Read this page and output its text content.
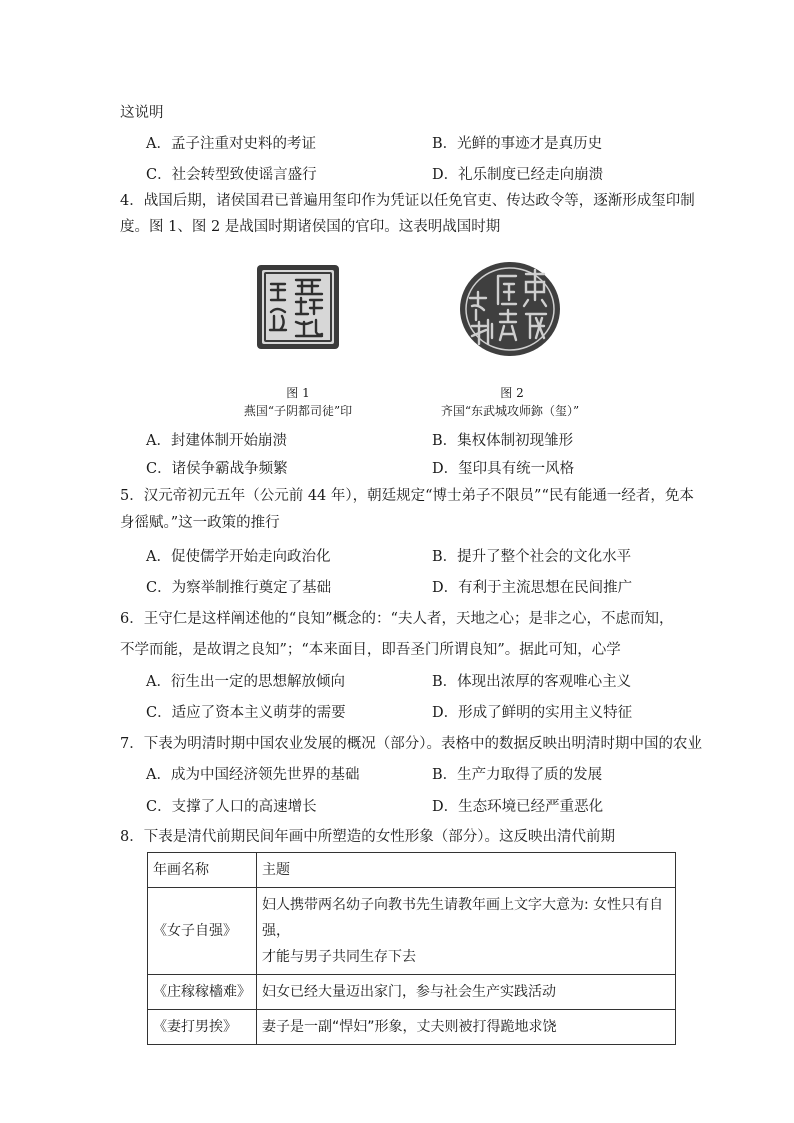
这说明
A．孟子注重对史料的考证	B．光鲜的事迹才是真历史
C．社会转型致使谣言盛行	D．礼乐制度已经走向崩溃
4．战国后期，诸侯国君已普遍用玺印作为凭证以任免官吏、传达政令等，逐渐形成玺印制
度。图 1、图 2 是战国时期诸侯国的官印。这表明战国时期
图 1
燕国“子阴都司徒”印
图 2
齐国“东武城攻师鉨（玺）”
A．封建体制开始崩溃	B．集权体制初现雏形
C．诸侯争霸战争频繁	D．玺印具有统一风格
5．汉元帝初元五年（公元前 44 年），朝廷规定“博士弟子不限员”“民有能通一经者，免本
身徭赋。”这一政策的推行
A．促使儒学开始走向政治化	B．提升了整个社会的文化水平
C．为察举制推行奠定了基础	D．有利于主流思想在民间推广
6．王守仁是这样阐述他的“良知”概念的：“夫人者，天地之心；是非之心，不虑而知，
不学而能，是故谓之良知”；“本来面目，即吾圣门所谓良知”。据此可知，心学
A．衍生出一定的思想解放倾向	B．体现出浓厚的客观唯心主义
C．适应了资本主义萌芽的需要	D．形成了鲜明的实用主义特征
7．下表为明清时期中国农业发展的概况（部分）。表格中的数据反映出明清时期中国的农业
A．成为中国经济领先世界的基础	B．生产力取得了质的发展
C．支撑了人口的高速增长	D．生态环境已经严重恶化
8．下表是清代前期民间年画中所塑造的女性形象（部分）。这反映出清代前期
年画名称	主题
《女子自强》	妇人携带两名幼子向教书先生请教年画上文字大意为: 女性只有自强，
才能与男子共同生存下去

《庄稼稼檣难》	妇女已经大量迈出家门，参与社会生产实践活动
《妻打男挨》	妻子是一副“悍妇”形象，丈夫则被打得跪地求饶
